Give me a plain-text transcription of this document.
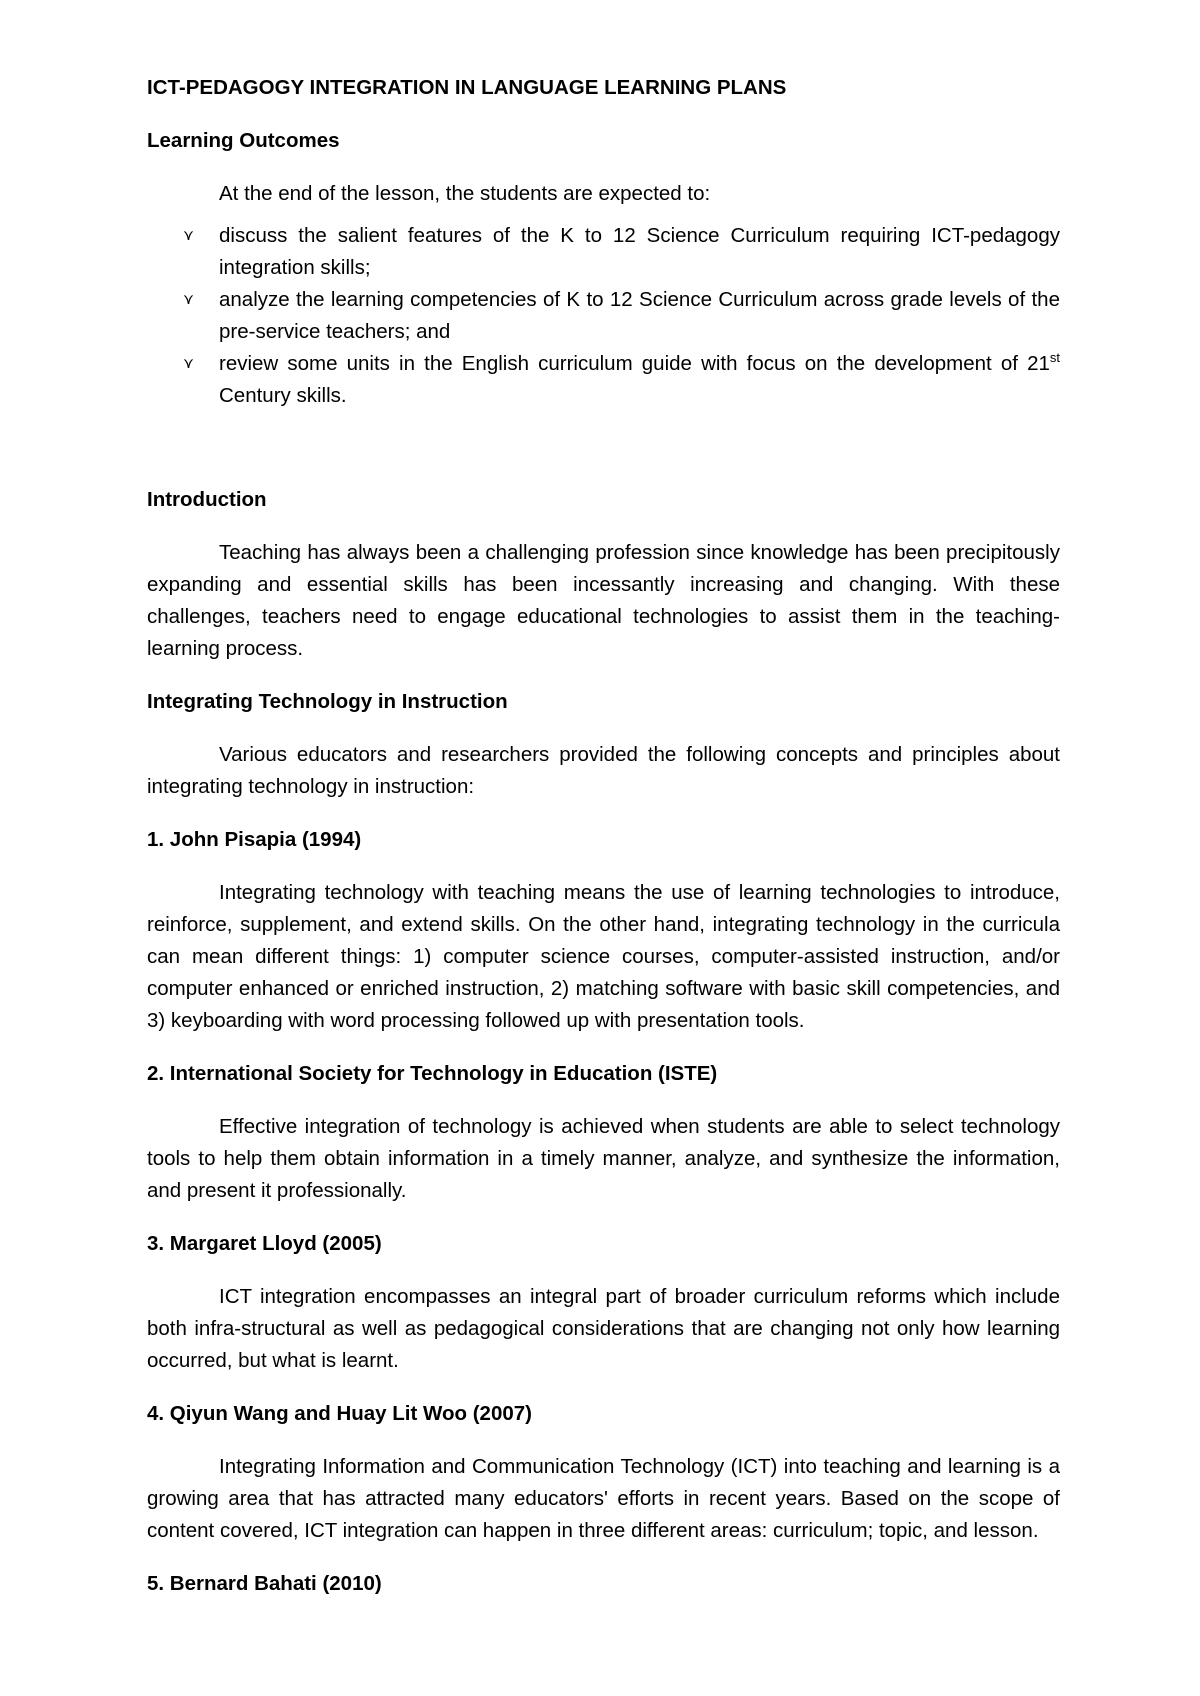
ICT-PEDAGOGY INTEGRATION IN LANGUAGE LEARNING PLANS
Learning Outcomes

At the end of the lesson, the students are expected to:

⋎ discuss the salient features of the K to 12 Science Curriculum requiring ICT-pedagogy integration skills;
⋎ analyze the learning competencies of K to 12 Science Curriculum across grade levels of the pre-service teachers; and
⋎ review some units in the English curriculum guide with focus on the development of 21st Century skills.
Introduction

Teaching has always been a challenging profession since knowledge has been precipitously expanding and essential skills has been incessantly increasing and changing. With these challenges, teachers need to engage educational technologies to assist them in the teaching-learning process.

Integrating Technology in Instruction

Various educators and researchers provided the following concepts and principles about integrating technology in instruction:

1. John Pisapia (1994)

Integrating technology with teaching means the use of learning technologies to introduce, reinforce, supplement, and extend skills. On the other hand, integrating technology in the curricula can mean different things: 1) computer science courses, computer-assisted instruction, and/or computer enhanced or enriched instruction, 2) matching software with basic skill competencies, and 3) keyboarding with word processing followed up with presentation tools.

2. International Society for Technology in Education (ISTE)

Effective integration of technology is achieved when students are able to select technology tools to help them obtain information in a timely manner, analyze, and synthesize the information, and present it professionally.

3. Margaret Lloyd (2005)

ICT integration encompasses an integral part of broader curriculum reforms which include both infra-structural as well as pedagogical considerations that are changing not only how learning occurred, but what is learnt.

4. Qiyun Wang and Huay Lit Woo (2007)

Integrating Information and Communication Technology (ICT) into teaching and learning is a growing area that has attracted many educators' efforts in recent years. Based on the scope of content covered, ICT integration can happen in three different areas: curriculum; topic, and lesson.

5. Bernard Bahati (2010)
